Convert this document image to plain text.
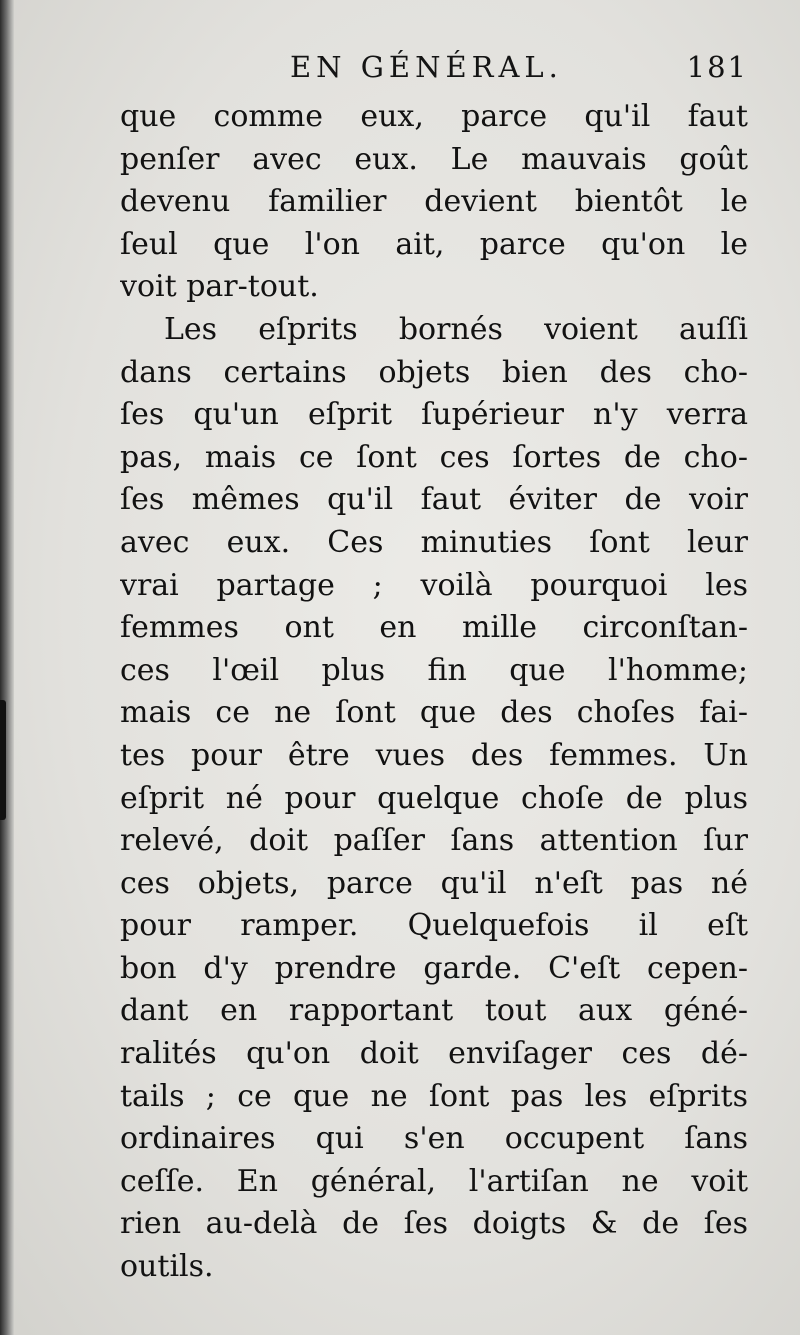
EN GÉNÉRAL.	181
que comme eux, parce qu'il faut
penſer avec eux. Le mauvais goût
devenu familier devient bientôt le
ſeul que l'on ait, parce qu'on le
voit par-tout.
Les eſprits bornés voient auſſi
dans certains objets bien des cho-
ſes qu'un eſprit ſupérieur n'y verra
pas, mais ce ſont ces ſortes de cho-
ſes mêmes qu'il faut éviter de voir
avec eux. Ces minuties ſont leur
vrai partage ; voilà pourquoi les
femmes ont en mille circonſtan-
ces l'œil plus fin que l'homme;
mais ce ne ſont que des choſes fai-
tes pour être vues des femmes. Un
eſprit né pour quelque choſe de plus
relevé, doit paſſer ſans attention ſur
ces objets, parce qu'il n'eſt pas né
pour ramper. Quelquefois il eſt
bon d'y prendre garde. C'eſt cepen-
dant en rapportant tout aux géné-
ralités qu'on doit enviſager ces dé-
tails ; ce que ne ſont pas les eſprits
ordinaires qui s'en occupent ſans
ceſſe. En général, l'artiſan ne voit
rien au-delà de ſes doigts & de ſes
outils.
